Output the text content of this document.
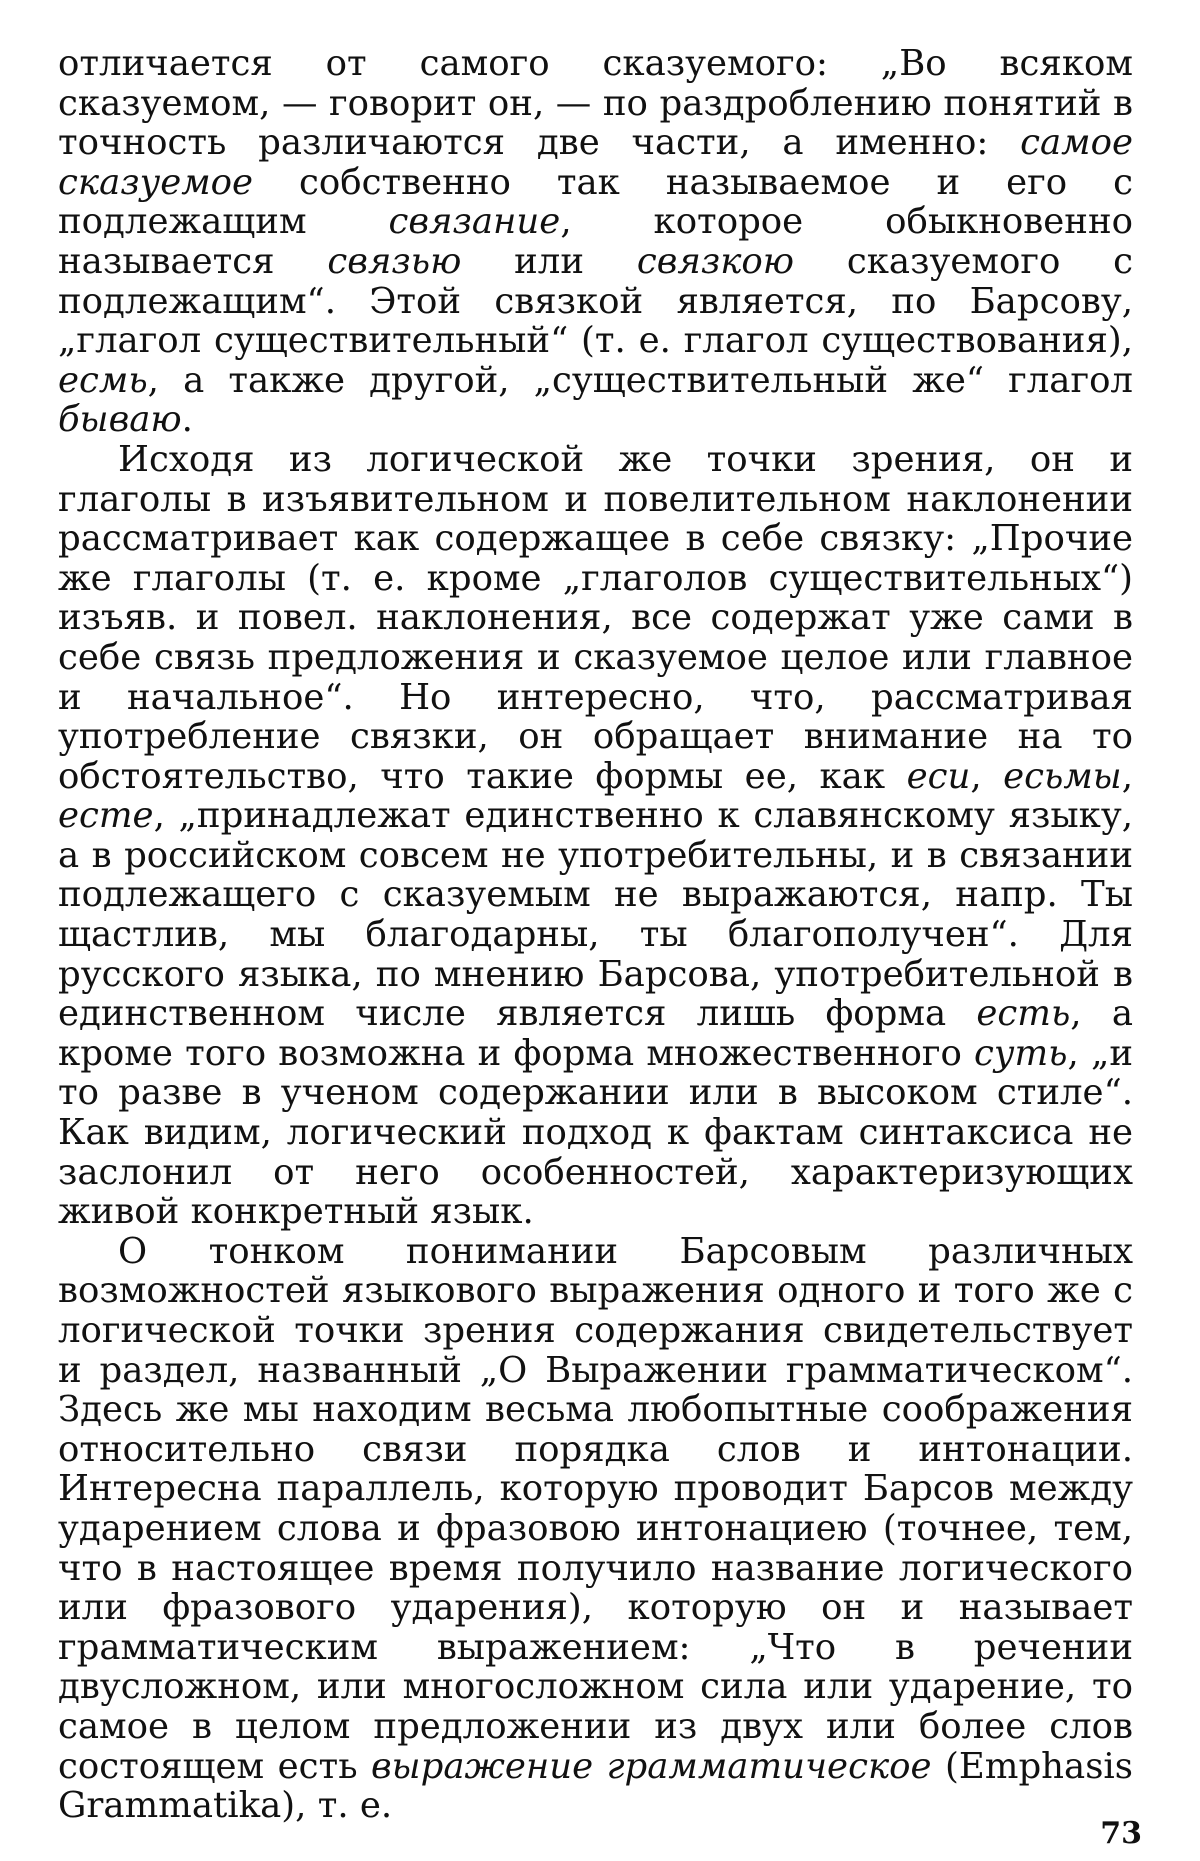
отличается от самого сказуемого: „Во всяком сказуемом, — говорит он, — по раздроблению понятий в точность различаются две части, а именно: самое сказуемое собственно так называемое и его с подлежащим связание, которое обыкновенно называется связью или связкою сказуемого с подлежащим“. Этой связкой является, по Барсову, „глагол существительный“ (т. е. глагол существования), есмь, а также другой, „существительный же“ глагол бываю.

Исходя из логической же точки зрения, он и глаголы в изъявительном и повелительном наклонении рассматривает как содержащее в себе связку: „Прочие же глаголы (т. е. кроме „глаголов существительных“) изъяв. и повел. наклонения, все содержат уже сами в себе связь предложения и сказуемое целое или главное и начальное“. Но интересно, что, рассматривая употребление связки, он обращает внимание на то обстоятельство, что такие формы ее, как еси, есьмы, есте, „принадлежат единственно к славянскому языку, а в российском совсем не употребительны, и в связании подлежащего с сказуемым не выражаются, напр. Ты щастлив, мы благодарны, ты благополучен“. Для русского языка, по мнению Барсова, употребительной в единственном числе является лишь форма есть, а кроме того возможна и форма множественного суть, „и то разве в ученом содержании или в высоком стиле“. Как видим, логический подход к фактам синтаксиса не заслонил от него особенностей, характеризующих живой конкретный язык.

О тонком понимании Барсовым различных возможностей языкового выражения одного и того же с логической точки зрения содержания свидетельствует и раздел, названный „О Выражении грамматическом“. Здесь же мы находим весьма любопытные соображения относительно связи порядка слов и интонации. Интересна параллель, которую проводит Барсов между ударением слова и фразовою интонациею (точнее, тем, что в настоящее время получило название логического или фразового ударения), которую он и называет грамматическим выражением: „Что в речении двусложном, или многосложном сила или ударение, то самое в целом предложении из двух или более слов состоящем есть выражение грамматическое (Emphasis Grammatika), т. е.

73
